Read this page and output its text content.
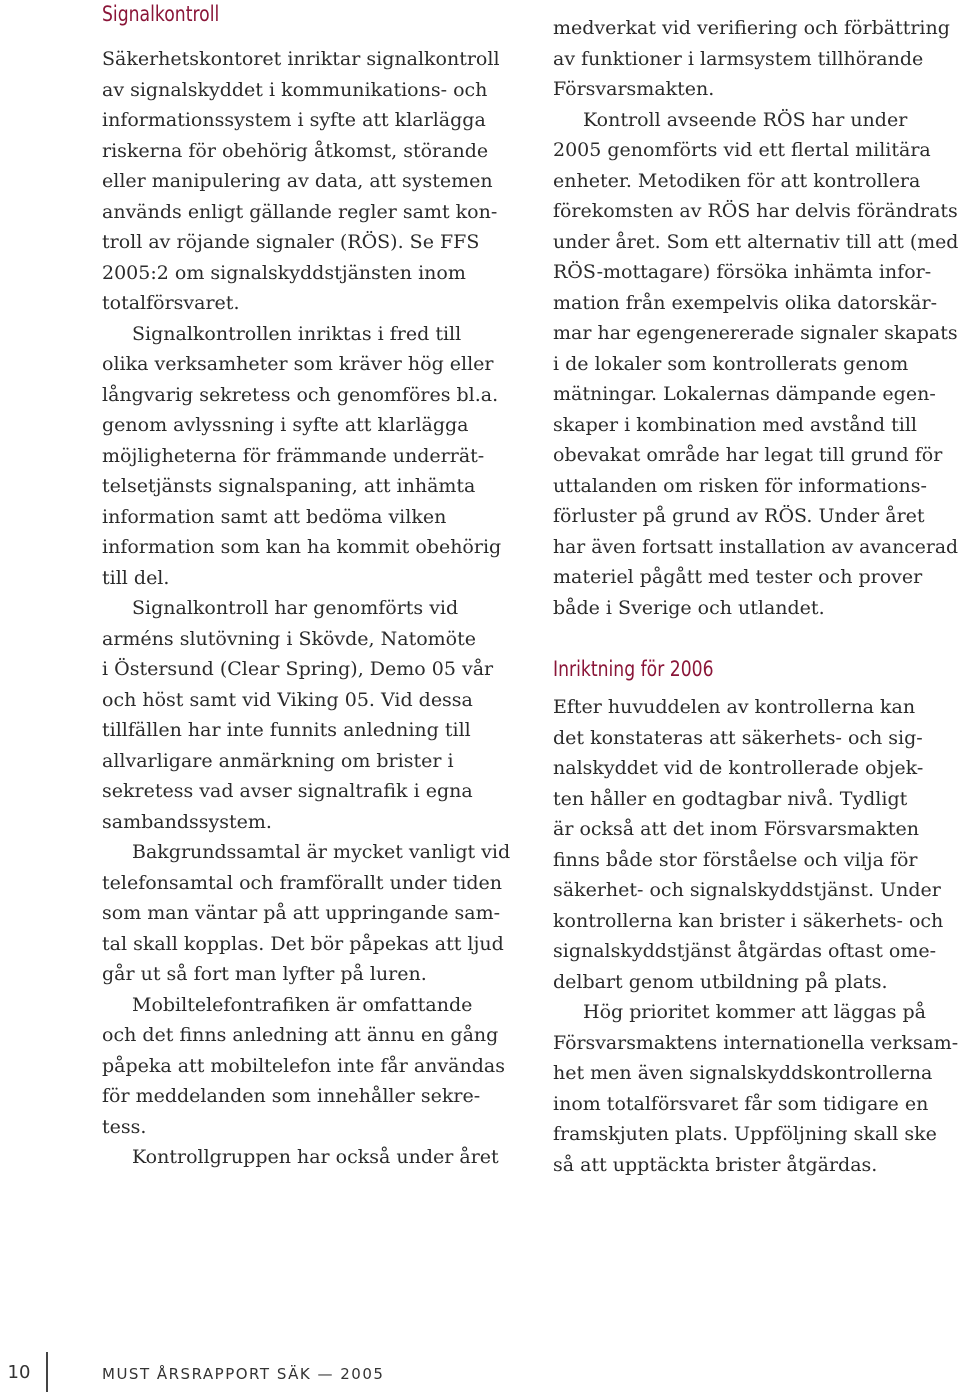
Signalkontroll
Säkerhetskontoret inriktar signalkontroll
av signalskyddet i kommunikations- och
informationssystem i syfte att klarlägga
riskerna för obehörig åtkomst, störande
eller manipulering av data, att systemen
används enligt gällande regler samt kon-
troll av röjande signaler (RÖS). Se FFS
2005:2 om signalskyddstjänsten inom
totalförsvaret.
Signalkontrollen inriktas i fred till
olika verksamheter som kräver hög eller
långvarig sekretess och genomföres bl.a.
genom avlyssning i syfte att klarlägga
möjligheterna för främmande underrät-
telsetjänsts signalspaning, att inhämta
information samt att bedöma vilken
information som kan ha kommit obehörig
till del.
Signalkontroll har genomförts vid
arméns slutövning i Skövde, Natomöte
i Östersund (Clear Spring), Demo 05 vår
och höst samt vid Viking 05. Vid dessa
tillfällen har inte funnits anledning till
allvarligare anmärkning om brister i
sekretess vad avser signaltrafik i egna
sambandssystem.
Bakgrundssamtal är mycket vanligt vid
telefonsamtal och framförallt under tiden
som man väntar på att uppringande sam-
tal skall kopplas. Det bör påpekas att ljud
går ut så fort man lyfter på luren.
Mobiltelefontrafiken är omfattande
och det finns anledning att ännu en gång
påpeka att mobiltelefon inte får användas
för meddelanden som innehåller sekre-
tess.
Kontrollgruppen har också under året
medverkat vid verifiering och förbättring
av funktioner i larmsystem tillhörande
Försvarsmakten.
Kontroll avseende RÖS har under
2005 genomförts vid ett flertal militära
enheter. Metodiken för att kontrollera
förekomsten av RÖS har delvis förändrats
under året. Som ett alternativ till att (med
RÖS-mottagare) försöka inhämta infor-
mation från exempelvis olika datorskär-
mar har egengenererade signaler skapats
i de lokaler som kontrollerats genom
mätningar. Lokalernas dämpande egen-
skaper i kombination med avstånd till
obevakat område har legat till grund för
uttalanden om risken för informations-
förluster på grund av RÖS. Under året
har även fortsatt installation av avancerad
materiel pågått med tester och prover
både i Sverige och utlandet.
Inriktning för 2006
Efter huvuddelen av kontrollerna kan
det konstateras att säkerhets- och sig-
nalskyddet vid de kontrollerade objek-
ten håller en godtagbar nivå. Tydligt
är också att det inom Försvarsmakten
finns både stor förståelse och vilja för
säkerhet- och signalskyddstjänst. Under
kontrollerna kan brister i säkerhets- och
signalskyddstjänst åtgärdas oftast ome-
delbart genom utbildning på plats.
Hög prioritet kommer att läggas på
Försvarsmaktens internationella verksam-
het men även signalskyddskontrollerna
inom totalförsvaret får som tidigare en
framskjuten plats. Uppföljning skall ske
så att upptäckta brister åtgärdas.
10	MUST ÅRSRAPPORT SÄK — 2005
